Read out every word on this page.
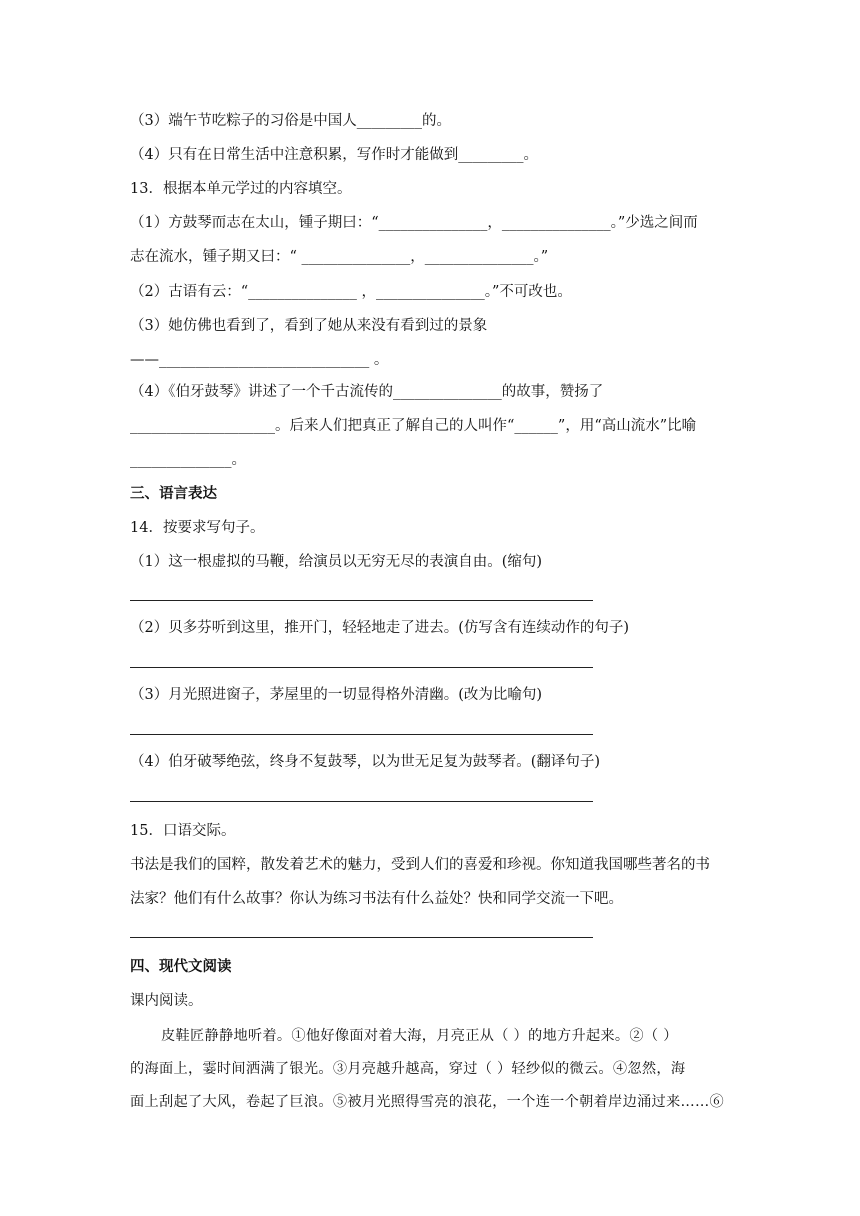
（3）端午节吃粽子的习俗是中国人_________的。
（4）只有在日常生活中注意积累，写作时才能做到_________。
13．根据本单元学过的内容填空。
（1）方鼓琴而志在太山，锺子期曰：“_______________，_______________。”少选之间而
志在流水，锺子期又曰：“ _______________，_______________。”
（2）古语有云：“_______________ ，_______________。”不可改也。
（3）她仿佛也看到了，看到了她从来没有看到过的景象
——_____________________________ 。
（4）《伯牙鼓琴》讲述了一个千古流传的_______________的故事，赞扬了
____________________。后来人们把真正了解自己的人叫作“______”，用“高山流水”比喻
______________。
三、语言表达
14．按要求写句子。
（1）这一根虚拟的马鞭，给演员以无穷无尽的表演自由。(缩句)
（2）贝多芬听到这里，推开门，轻轻地走了进去。(仿写含有连续动作的句子)
（3）月光照进窗子，茅屋里的一切显得格外清幽。(改为比喻句)
（4）伯牙破琴绝弦，终身不复鼓琴，以为世无足复为鼓琴者。(翻译句子)
15．口语交际。
书法是我们的国粹，散发着艺术的魅力，受到人们的喜爱和珍视。你知道我国哪些著名的书
法家？他们有什么故事？你认为练习书法有什么益处？快和同学交流一下吧。
四、现代文阅读
课内阅读。
皮鞋匠静静地听着。①他好像面对着大海，月亮正从（ ）的地方升起来。②（ ）
的海面上，霎时间洒满了银光。③月亮越升越高，穿过（ ）轻纱似的微云。④忽然，海
面上刮起了大风，卷起了巨浪。⑤被月光照得雪亮的浪花，一个连一个朝着岸边涌过来……⑥
